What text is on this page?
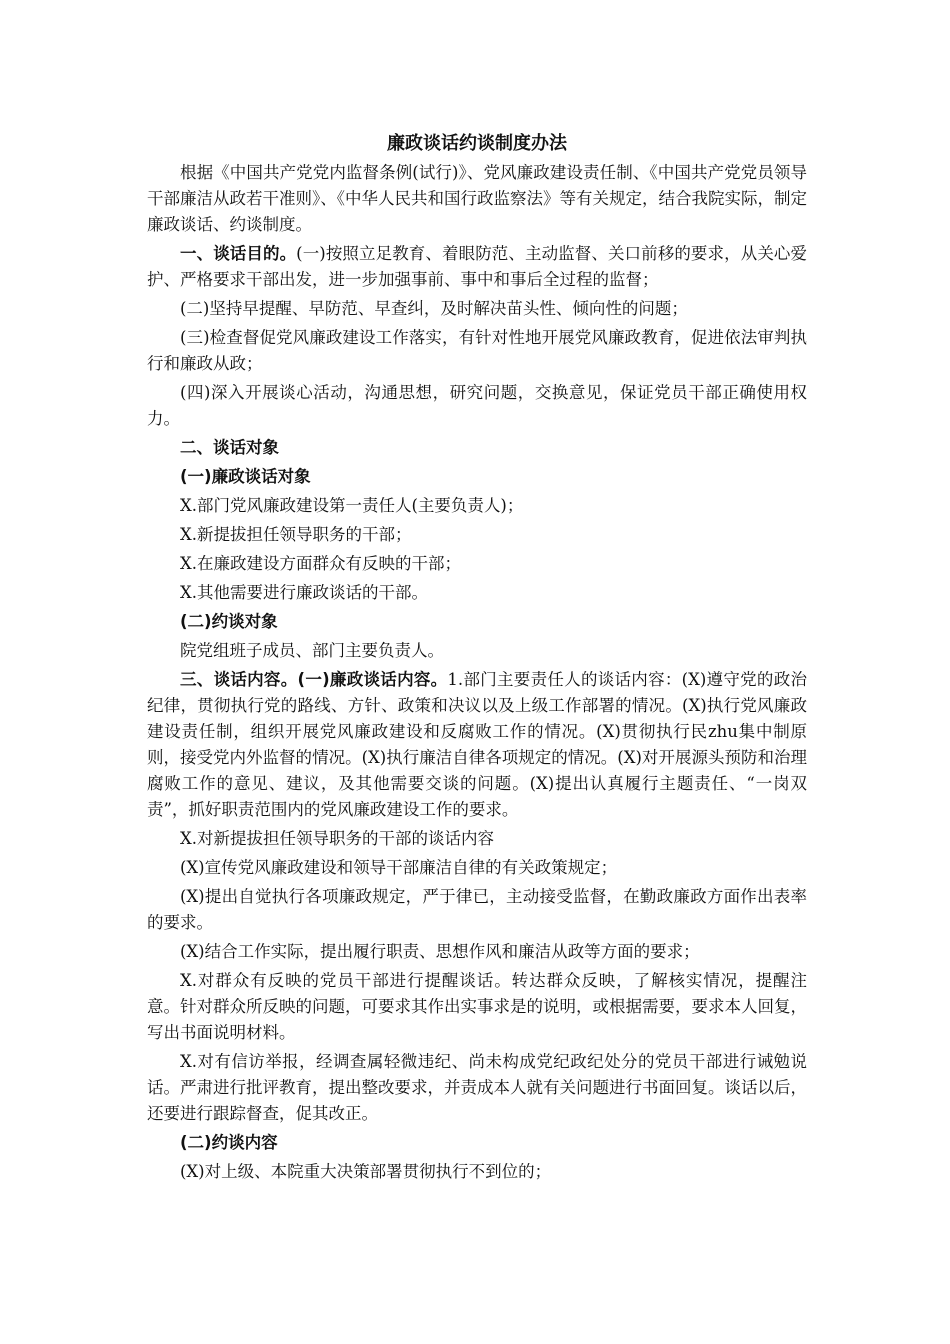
廉政谈话约谈制度办法

根据《中国共产党党内监督条例(试行)》、党风廉政建设责任制、《中国共产党党员领导干部廉洁从政若干准则》、《中华人民共和国行政监察法》等有关规定，结合我院实际，制定廉政谈话、约谈制度。

一、谈话目的。(一)按照立足教育、着眼防范、主动监督、关口前移的要求，从关心爱护、严格要求干部出发，进一步加强事前、事中和事后全过程的监督；

(二)坚持早提醒、早防范、早查纠，及时解决苗头性、倾向性的问题；

(三)检查督促党风廉政建设工作落实，有针对性地开展党风廉政教育，促进依法审判执行和廉政从政；

(四)深入开展谈心活动，沟通思想，研究问题，交换意见，保证党员干部正确使用权力。

二、谈话对象

(一)廉政谈话对象

X.部门党风廉政建设第一责任人(主要负责人)；

X.新提拔担任领导职务的干部；

X.在廉政建设方面群众有反映的干部；

X.其他需要进行廉政谈话的干部。

(二)约谈对象

院党组班子成员、部门主要负责人。

三、谈话内容。(一)廉政谈话内容。1.部门主要责任人的谈话内容：(X)遵守党的政治纪律，贯彻执行党的路线、方针、政策和决议以及上级工作部署的情况。(X)执行党风廉政建设责任制，组织开展党风廉政建设和反腐败工作的情况。(X)贯彻执行民zhu集中制原则，接受党内外监督的情况。(X)执行廉洁自律各项规定的情况。(X)对开展源头预防和治理腐败工作的意见、建议，及其他需要交谈的问题。(X)提出认真履行主题责任、“一岗双责”，抓好职责范围内的党风廉政建设工作的要求。

X.对新提拔担任领导职务的干部的谈话内容

(X)宣传党风廉政建设和领导干部廉洁自律的有关政策规定；

(X)提出自觉执行各项廉政规定，严于律已，主动接受监督，在勤政廉政方面作出表率的要求。

(X)结合工作实际，提出履行职责、思想作风和廉洁从政等方面的要求；

X.对群众有反映的党员干部进行提醒谈话。转达群众反映，了解核实情况，提醒注意。针对群众所反映的问题，可要求其作出实事求是的说明，或根据需要，要求本人回复，写出书面说明材料。

X.对有信访举报，经调查属轻微违纪、尚未构成党纪政纪处分的党员干部进行诫勉说话。严肃进行批评教育，提出整改要求，并责成本人就有关问题进行书面回复。谈话以后，还要进行跟踪督查，促其改正。

(二)约谈内容

(X)对上级、本院重大决策部署贯彻执行不到位的；
